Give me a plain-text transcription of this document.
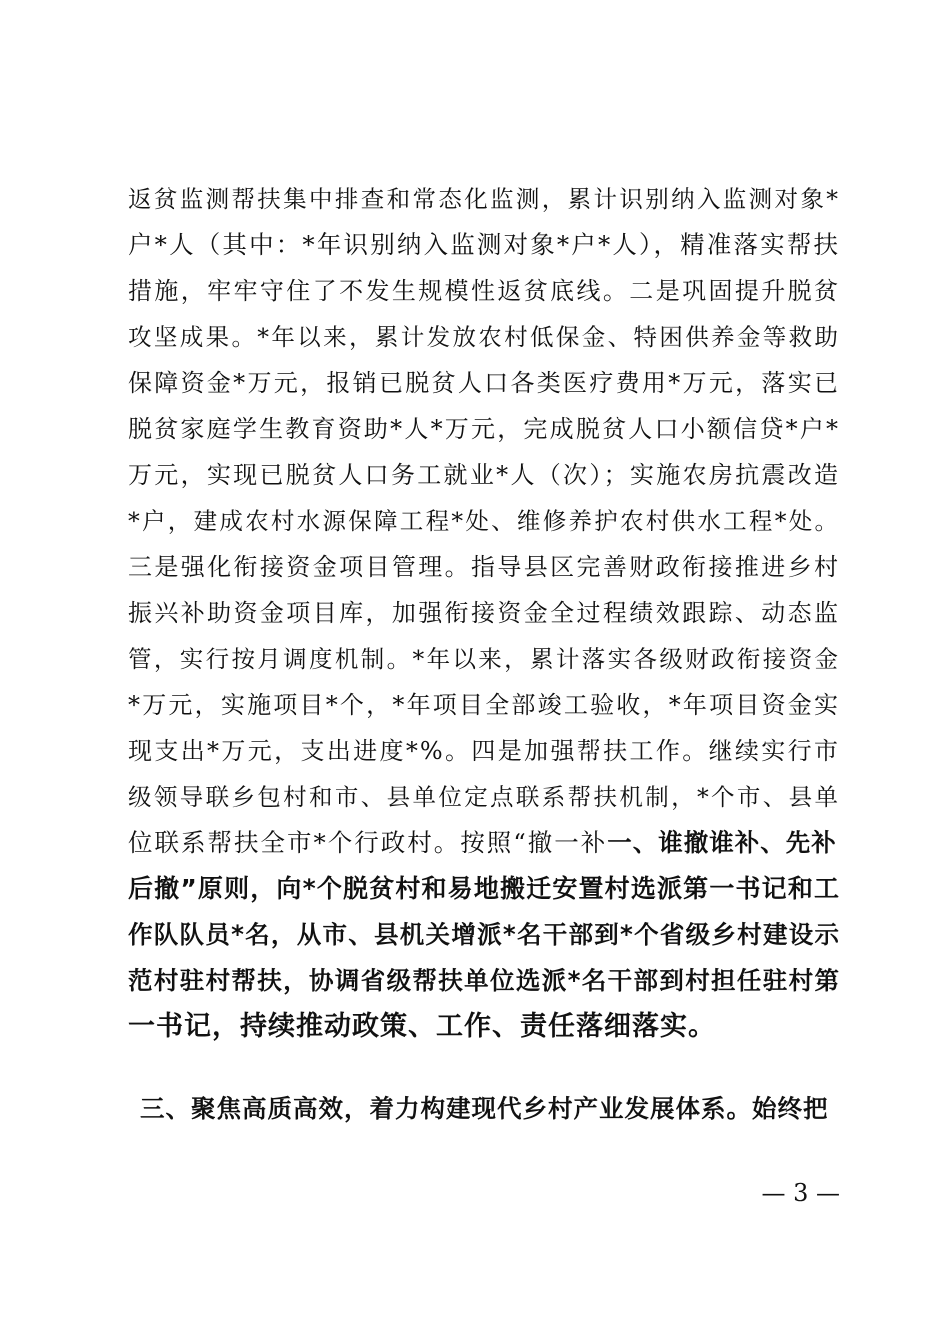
返贫监测帮扶集中排查和常态化监测，累计识别纳入监测对象*
户*人（其中：*年识别纳入监测对象*户*人），精准落实帮扶
措施，牢牢守住了不发生规模性返贫底线。二是巩固提升脱贫
攻坚成果。*年以来，累计发放农村低保金、特困供养金等救助
保障资金*万元，报销已脱贫人口各类医疗费用*万元，落实已
脱贫家庭学生教育资助*人*万元，完成脱贫人口小额信贷*户*
万元，实现已脱贫人口务工就业*人（次）；实施农房抗震改造
*户，建成农村水源保障工程*处、维修养护农村供水工程*处。
三是强化衔接资金项目管理。指导县区完善财政衔接推进乡村
振兴补助资金项目库，加强衔接资金全过程绩效跟踪、动态监
管，实行按月调度机制。*年以来，累计落实各级财政衔接资金
*万元，实施项目*个，*年项目全部竣工验收，*年项目资金实
现支出*万元，支出进度*%。四是加强帮扶工作。继续实行市
级领导联乡包村和市、县单位定点联系帮扶机制，*个市、县单
位联系帮扶全市*个行政村。按照“撤一补一、谁撤谁补、先补
后撤”原则，向*个脱贫村和易地搬迁安置村选派第一书记和工
作队队员*名，从市、县机关增派*名干部到*个省级乡村建设示
范村驻村帮扶，协调省级帮扶单位选派*名干部到村担任驻村第
一书记，持续推动政策、工作、责任落细落实。
三、聚焦高质高效，着力构建现代乡村产业发展体系。始终把
— 3 —
